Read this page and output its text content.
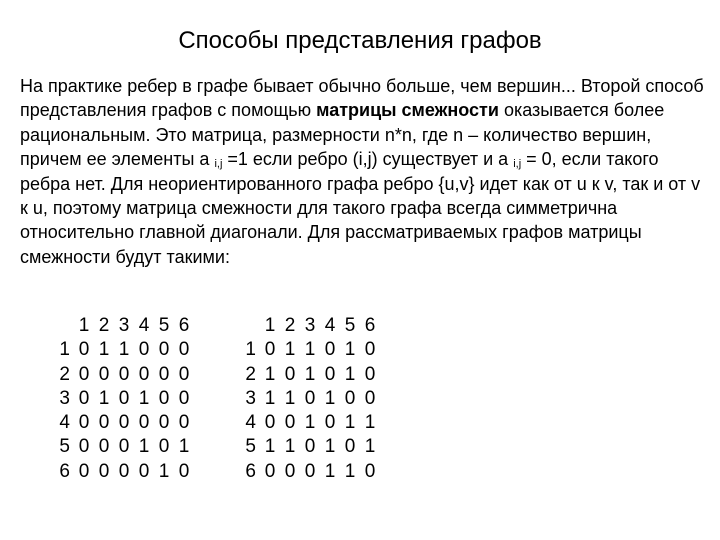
Способы представления графов
На практике ребер в графе бывает обычно больше, чем вершин... Второй способ представления графов с помощью матрицы смежности оказывается более рациональным. Это матрица, размерности n*n, где n – количество вершин, причем ее элементы а $_{i,j}$ =1 если ребро (i,j) существует и а $_{i,j}$ = 0, если такого ребра нет. Для неориентированного графа ребро {u,v} идет как от u к v, так и от v к u, поэтому матрица смежности для такого графа всегда симметрична относительно главной диагонали. Для рассматриваемых графов матрицы смежности будут такими:
	1	2	3	4	5	6
1	0	1	1	0	0	0
2	0	0	0	0	0	0
3	0	1	0	1	0	0
4	0	0	0	0	0	0
5	0	0	0	1	0	1
6	0	0	0	0	1	0
	1	2	3	4	5	6
1	0	1	1	0	1	0
2	1	0	1	0	1	0
3	1	1	0	1	0	0
4	0	0	1	0	1	1
5	1	1	0	1	0	1
6	0	0	0	1	1	0
